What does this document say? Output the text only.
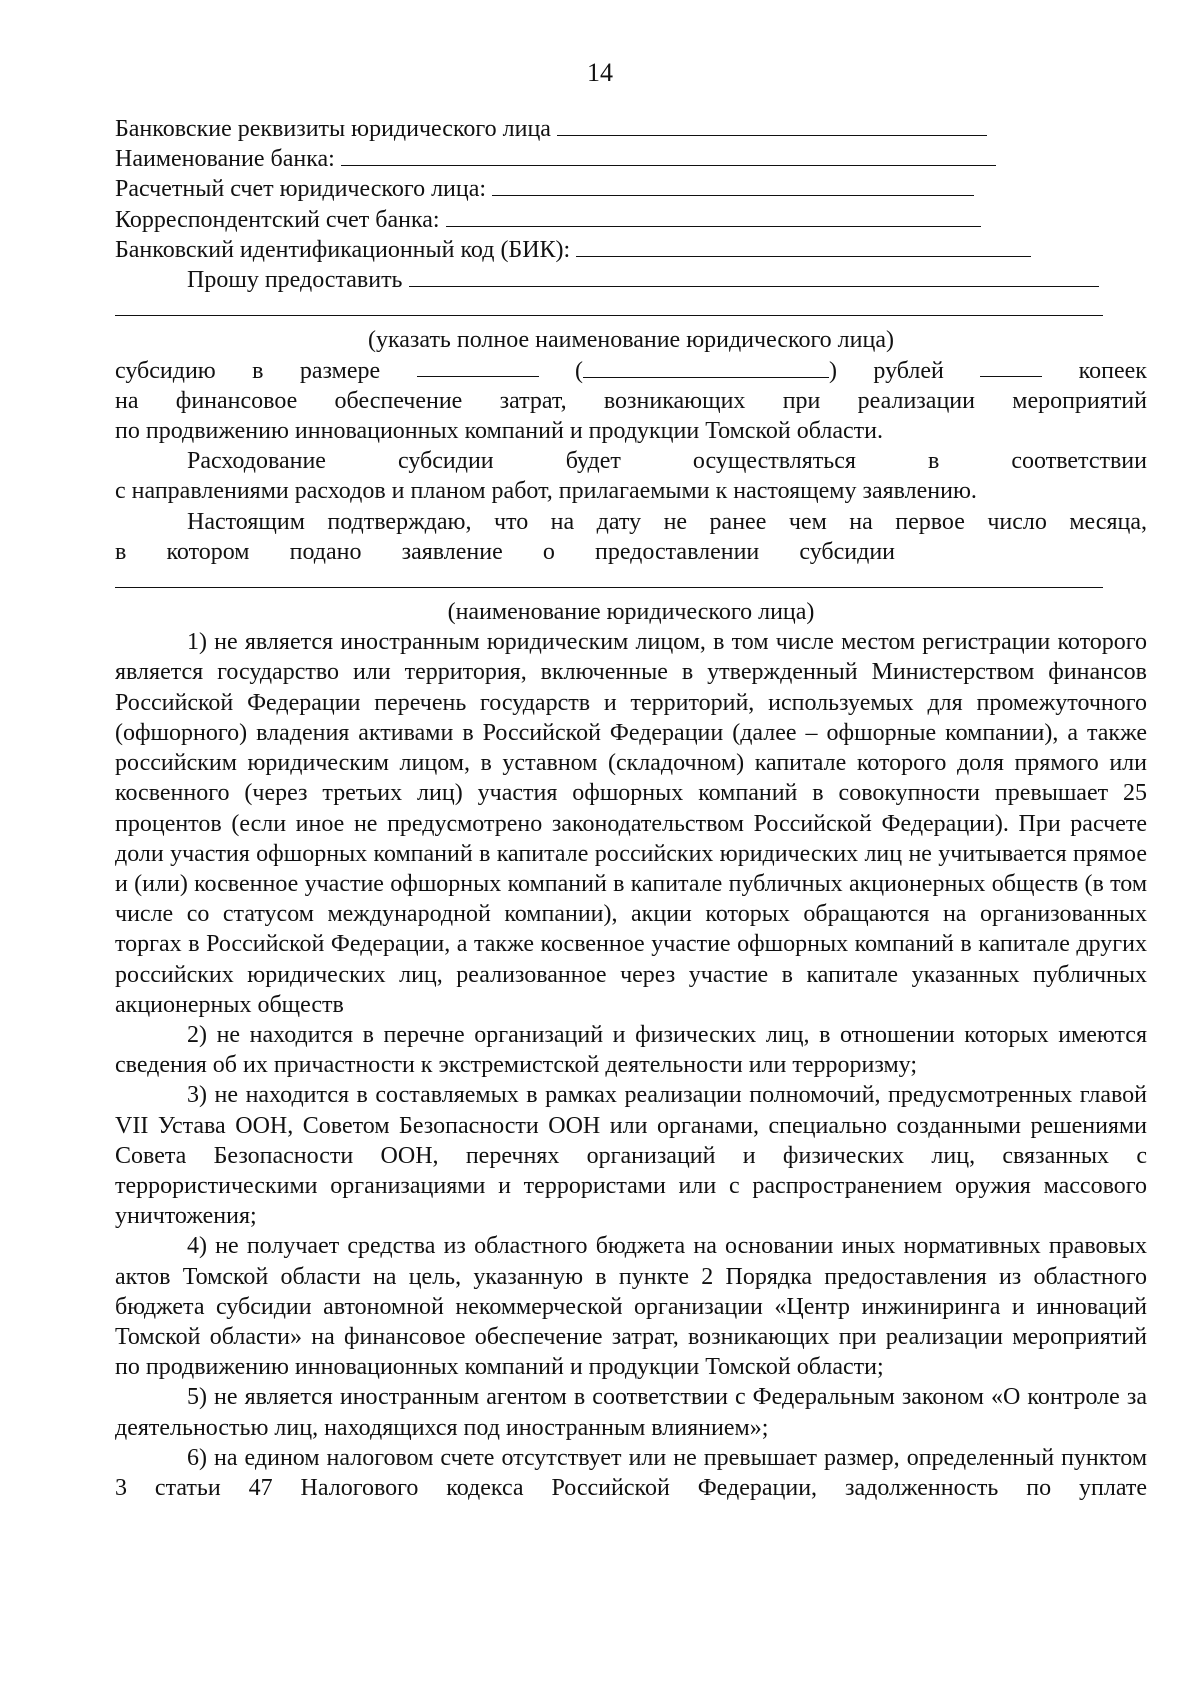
14
Банковские реквизиты юридического лица
Наименование банка:
Расчетный счет юридического лица:
Корреспондентский счет банка:
Банковский идентификационный код (БИК):
Прошу предоставить
(указать полное наименование юридического лица)
субсидию в размере	(	) рублей	копеек

на финансовое обеспечение затрат, возникающих при реализации мероприятий

по продвижению инновационных компаний и продукции Томской области.

Расходование субсидии будет осуществляться в соответствии

с направлениями расходов и планом работ, прилагаемыми к настоящему заявлению.

Настоящим подтверждаю, что на дату не ранее чем на первое число месяца,

в котором подано заявление о предоставлении субсидии

(наименование юридического лица)

1) не является иностранным юридическим лицом, в том числе местом регистрации которого является государство или территория, включенные в утвержденный Министерством финансов Российской Федерации перечень государств и территорий, используемых для промежуточного (офшорного) владения активами в Российской Федерации (далее – офшорные компании), а также российским юридическим лицом, в уставном (складочном) капитале которого доля прямого или косвенного (через третьих лиц) участия офшорных компаний в совокупности превышает 25 процентов (если иное не предусмотрено законодательством Российской Федерации). При расчете доли участия офшорных компаний в капитале российских юридических лиц не учитывается прямое и (или) косвенное участие офшорных компаний в капитале публичных акционерных обществ (в том числе со статусом международной компании), акции которых обращаются на организованных торгах в Российской Федерации, а также косвенное участие офшорных компаний в капитале других российских юридических лиц, реализованное через участие в капитале указанных публичных акционерных обществ

2) не находится в перечне организаций и физических лиц, в отношении которых имеются сведения об их причастности к экстремистской деятельности или терроризму;

3) не находится в составляемых в рамках реализации полномочий, предусмотренных главой VII Устава ООН, Советом Безопасности ООН или органами, специально созданными решениями Совета Безопасности ООН, перечнях организаций и физических лиц, связанных с террористическими организациями и террористами или с распространением оружия массового уничтожения;

4) не получает средства из областного бюджета на основании иных нормативных правовых актов Томской области на цель, указанную в пункте 2 Порядка предоставления из областного бюджета субсидии автономной некоммерческой организации «Центр инжиниринга и инноваций Томской области» на финансовое обеспечение затрат, возникающих при реализации мероприятий по продвижению инновационных компаний и продукции Томской области;

5) не является иностранным агентом в соответствии с Федеральным законом «О контроле за деятельностью лиц, находящихся под иностранным влиянием»;

6) на едином налоговом счете отсутствует или не превышает размер, определенный пунктом 3 статьи 47 Налогового кодекса Российской Федерации, задолженность по уплате
